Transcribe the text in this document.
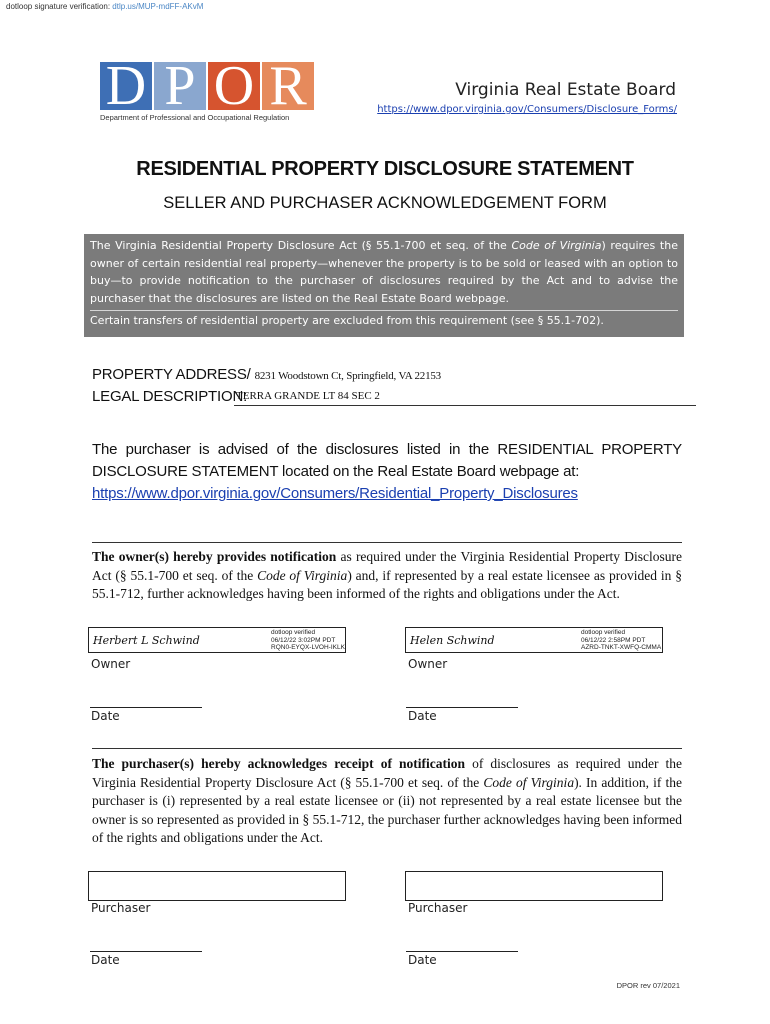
dotloop signature verification: dtlp.us/MUP-mdFF-AKvM
D P O R
Department of Professional and Occupational Regulation
Virginia Real Estate Board
https://www.dpor.virginia.gov/Consumers/Disclosure_Forms/
RESIDENTIAL PROPERTY DISCLOSURE STATEMENT
SELLER AND PURCHASER ACKNOWLEDGEMENT FORM

The Virginia Residential Property Disclosure Act (§ 55.1-700 et seq. of the Code of Virginia) requires the owner of certain residential real property—whenever the property is to be sold or leased with an option to buy—to provide notification to the purchaser of disclosures required by the Act and to advise the purchaser that the disclosures are listed on the Real Estate Board webpage.

Certain transfers of residential property are excluded from this requirement (see § 55.1-702).

PROPERTY ADDRESS/ 8231 Woodstown Ct, Springfield, VA 22153
LEGAL DESCRIPTION:
TERRA GRANDE LT 84 SEC 2
The purchaser is advised of the disclosures listed in the RESIDENTIAL PROPERTY DISCLOSURE STATEMENT located on the Real Estate Board webpage at:
https://www.dpor.virginia.gov/Consumers/Residential_Property_Disclosures
The owner(s) hereby provides notification as required under the Virginia Residential Property Disclosure Act (§ 55.1-700 et seq. of the Code of Virginia) and, if represented by a real estate licensee as provided in § 55.1-712, further acknowledges having been informed of the rights and obligations under the Act.
Herbert L Schwind
dotloop verified
06/12/22 3:02PM PDT
RQN0-EYQX-LVOH-IKLK
Owner
Helen Schwind
dotloop verified
06/12/22 2:58PM PDT
AZRD-TNKT-XWFQ-CMMA
Owner
Date	Date
The purchaser(s) hereby acknowledges receipt of notification of disclosures as required under the Virginia Residential Property Disclosure Act (§ 55.1-700 et seq. of the Code of Virginia). In addition, if the purchaser is (i) represented by a real estate licensee or (ii) not represented by a real estate licensee but the owner is so represented as provided in § 55.1-712, the purchaser further acknowledges having been informed of the rights and obligations under the Act.
Purchaser	Purchaser
Date	Date
DPOR rev 07/2021
